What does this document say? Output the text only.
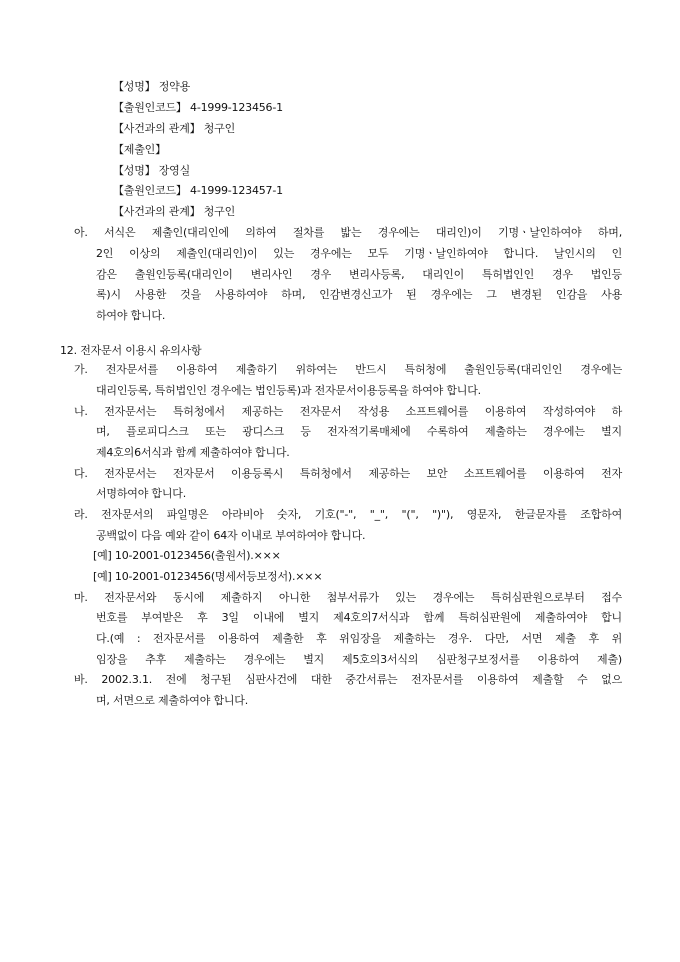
【성명】 정약용
【출원인코드】 4-1999-123456-1
【사건과의 관계】 청구인
【제출인】
【성명】 장영실
【출원인코드】 4-1999-123457-1
【사건과의 관계】 청구인
아. 서식은 제출인(대리인에 의하여 절차를 밟는 경우에는 대리인)이 기명ㆍ날인하여야 하며,
2인 이상의 제출인(대리인)이 있는 경우에는 모두 기명ㆍ날인하여야 합니다. 날인시의 인
감은 출원인등록(대리인이 변리사인 경우 변리사등록, 대리인이 특허법인인 경우 법인등
록)시 사용한 것을 사용하여야 하며, 인감변경신고가 된 경우에는 그 변경된 인감을 사용
하여야 합니다.
12. 전자문서 이용시 유의사항
가. 전자문서를 이용하여 제출하기 위하여는 반드시 특허청에 출원인등록(대리인인 경우에는
대리인등록, 특허법인인 경우에는 법인등록)과 전자문서이용등록을 하여야 합니다.
나. 전자문서는 특허청에서 제공하는 전자문서 작성용 소프트웨어를 이용하여 작성하여야 하
며, 플로피디스크 또는 광디스크 등 전자적기록매체에 수록하여 제출하는 경우에는 별지
제4호의6서식과 함께 제출하여야 합니다.
다. 전자문서는 전자문서 이용등록시 특허청에서 제공하는 보안 소프트웨어를 이용하여 전자
서명하여야 합니다.
라. 전자문서의 파일명은 아라비아 숫자, 기호("-", "_", "(", ")"), 영문자, 한글문자를 조합하여
공백없이 다음 예와 같이 64자 이내로 부여하여야 합니다.
[예] 10-2001-0123456(출원서).×××
[예] 10-2001-0123456(명세서등보정서).×××
마. 전자문서와 동시에 제출하지 아니한 첨부서류가 있는 경우에는 특허심판원으로부터 접수
번호를 부여받은 후 3일 이내에 별지 제4호의7서식과 함께 특허심판원에 제출하여야 합니
다.(예 : 전자문서를 이용하여 제출한 후 위임장을 제출하는 경우. 다만, 서면 제출 후 위
임장을 추후 제출하는 경우에는 별지 제5호의3서식의 심판청구보정서를 이용하여 제출)
바. 2002.3.1. 전에 청구된 심판사건에 대한 중간서류는 전자문서를 이용하여 제출할 수 없으
며, 서면으로 제출하여야 합니다.
